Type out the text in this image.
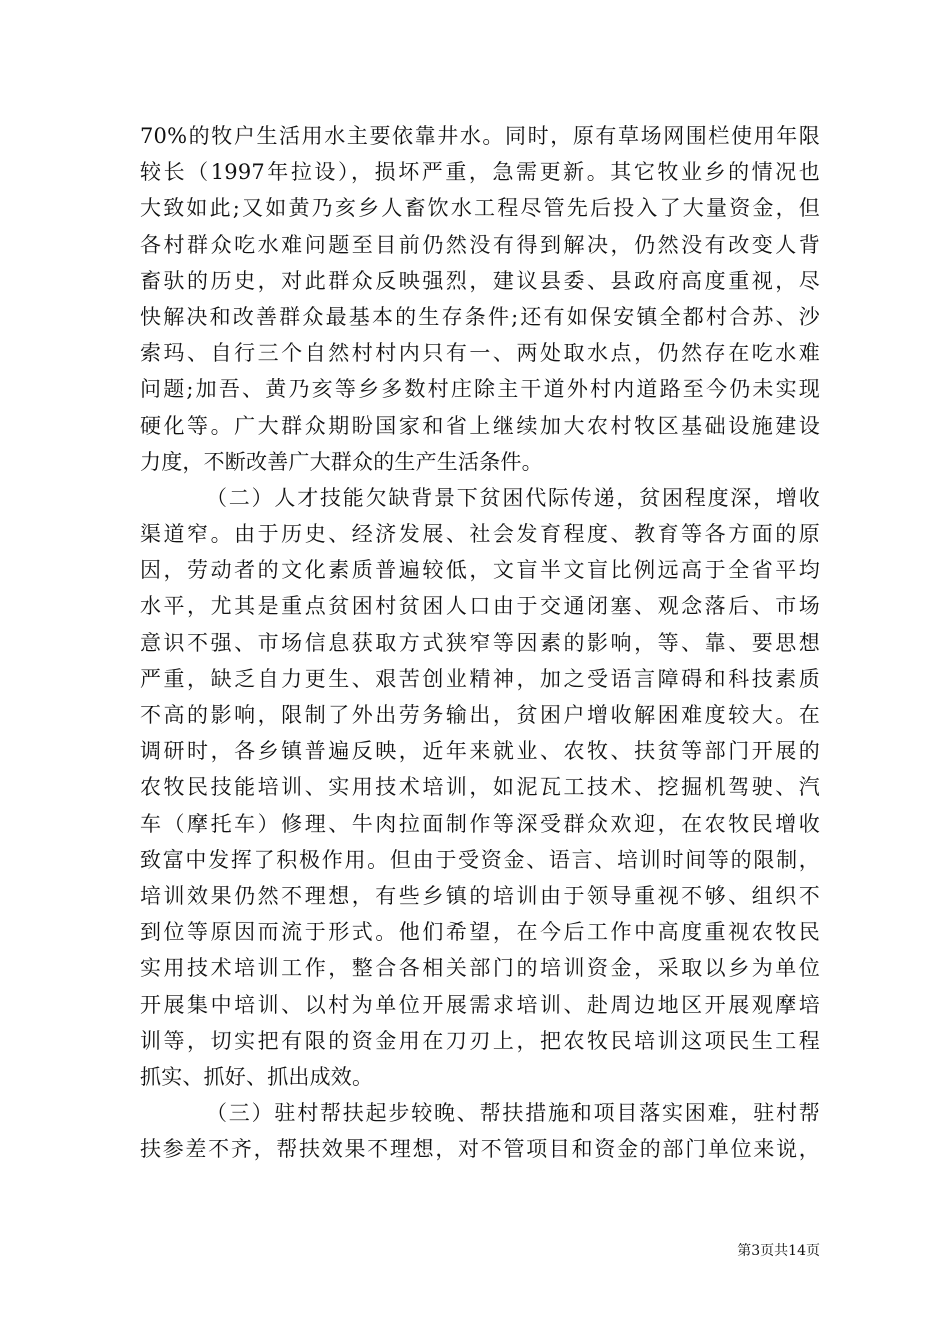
70%的牧户生活用水主要依靠井水。同时，原有草场网围栏使用年限
较长（1997年拉设），损坏严重，急需更新。其它牧业乡的情况也
大致如此;又如黄乃亥乡人畜饮水工程尽管先后投入了大量资金，但
各村群众吃水难问题至目前仍然没有得到解决，仍然没有改变人背
畜驮的历史，对此群众反映强烈，建议县委、县政府高度重视，尽
快解决和改善群众最基本的生存条件;还有如保安镇全都村合苏、沙
索玛、自行三个自然村村内只有一、两处取水点，仍然存在吃水难
问题;加吾、黄乃亥等乡多数村庄除主干道外村内道路至今仍未实现
硬化等。广大群众期盼国家和省上继续加大农村牧区基础设施建设
力度，不断改善广大群众的生产生活条件。
（二）人才技能欠缺背景下贫困代际传递，贫困程度深，增收
渠道窄。由于历史、经济发展、社会发育程度、教育等各方面的原
因，劳动者的文化素质普遍较低，文盲半文盲比例远高于全省平均
水平，尤其是重点贫困村贫困人口由于交通闭塞、观念落后、市场
意识不强、市场信息获取方式狭窄等因素的影响，等、靠、要思想
严重，缺乏自力更生、艰苦创业精神，加之受语言障碍和科技素质
不高的影响，限制了外出劳务输出，贫困户增收解困难度较大。在
调研时，各乡镇普遍反映，近年来就业、农牧、扶贫等部门开展的
农牧民技能培训、实用技术培训，如泥瓦工技术、挖掘机驾驶、汽
车（摩托车）修理、牛肉拉面制作等深受群众欢迎，在农牧民增收
致富中发挥了积极作用。但由于受资金、语言、培训时间等的限制，
培训效果仍然不理想，有些乡镇的培训由于领导重视不够、组织不
到位等原因而流于形式。他们希望，在今后工作中高度重视农牧民
实用技术培训工作，整合各相关部门的培训资金，采取以乡为单位
开展集中培训、以村为单位开展需求培训、赴周边地区开展观摩培
训等，切实把有限的资金用在刀刃上，把农牧民培训这项民生工程
抓实、抓好、抓出成效。
（三）驻村帮扶起步较晚、帮扶措施和项目落实困难，驻村帮
扶参差不齐，帮扶效果不理想，对不管项目和资金的部门单位来说，
第3页共14页
